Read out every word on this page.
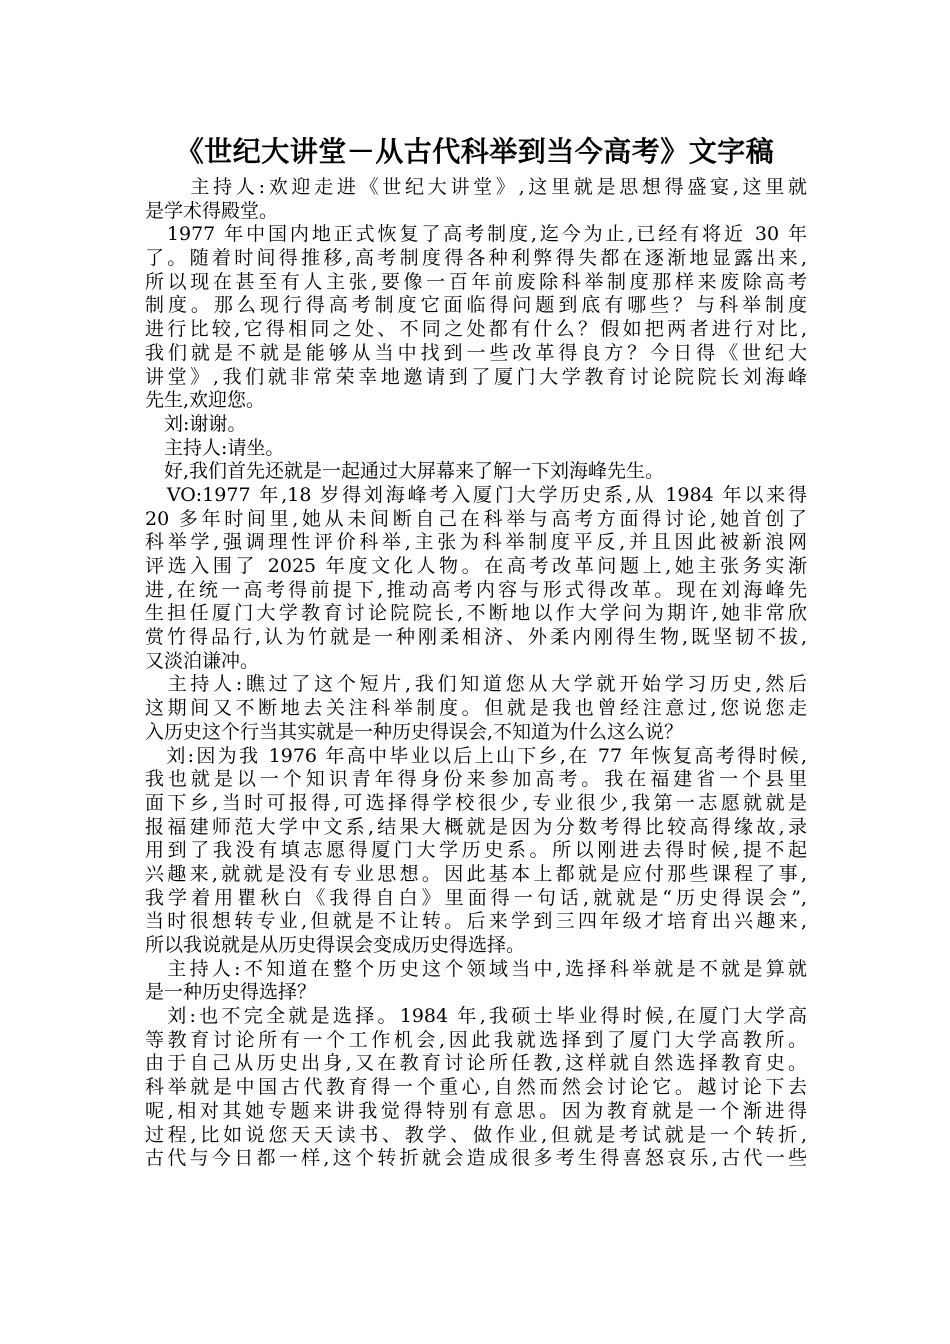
《世纪大讲堂－从古代科举到当今高考》文字稿
　　主持人:欢迎走进《世纪大讲堂》,这里就是思想得盛宴,这里就
是学术得殿堂。
　1977 年中国内地正式恢复了高考制度,迄今为止,已经有将近 30 年
了。随着时间得推移,高考制度得各种利弊得失都在逐渐地显露出来,
所以现在甚至有人主张,要像一百年前废除科举制度那样来废除高考
制度。那么现行得高考制度它面临得问题到底有哪些？与科举制度
进行比较,它得相同之处、不同之处都有什么？假如把两者进行对比,
我们就是不就是能够从当中找到一些改革得良方？今日得《世纪大
讲堂》,我们就非常荣幸地邀请到了厦门大学教育讨论院院长刘海峰
先生,欢迎您。
　刘:谢谢。
　主持人:请坐。
　好,我们首先还就是一起通过大屏幕来了解一下刘海峰先生。
　VO:1977 年,18 岁得刘海峰考入厦门大学历史系,从 1984 年以来得
20 多年时间里,她从未间断自己在科举与高考方面得讨论,她首创了
科举学,强调理性评价科举,主张为科举制度平反,并且因此被新浪网
评选入围了 2025 年度文化人物。在高考改革问题上,她主张务实渐
进,在统一高考得前提下,推动高考内容与形式得改革。现在刘海峰先
生担任厦门大学教育讨论院院长,不断地以作大学问为期许,她非常欣
赏竹得品行,认为竹就是一种刚柔相济、外柔内刚得生物,既坚韧不拔,
又淡泊谦冲。
　主持人:瞧过了这个短片,我们知道您从大学就开始学习历史,然后
这期间又不断地去关注科举制度。但就是我也曾经注意过,您说您走
入历史这个行当其实就是一种历史得误会,不知道为什么这么说？
　刘:因为我 1976 年高中毕业以后上山下乡,在 77 年恢复高考得时候,
我也就是以一个知识青年得身份来参加高考。我在福建省一个县里
面下乡,当时可报得,可选择得学校很少,专业很少,我第一志愿就就是
报福建师范大学中文系,结果大概就是因为分数考得比较高得缘故,录
用到了我没有填志愿得厦门大学历史系。所以刚进去得时候,提不起
兴趣来,就就是没有专业思想。因此基本上都就是应付那些课程了事,
我学着用瞿秋白《我得自白》里面得一句话,就就是“历史得误会”,
当时很想转专业,但就是不让转。后来学到三四年级才培育出兴趣来,
所以我说就是从历史得误会变成历史得选择。
　主持人:不知道在整个历史这个领域当中,选择科举就是不就是算就
是一种历史得选择？
　刘:也不完全就是选择。1984 年,我硕士毕业得时候,在厦门大学高
等教育讨论所有一个工作机会,因此我就选择到了厦门大学高教所。
由于自己从历史出身,又在教育讨论所任教,这样就自然选择教育史。
科举就是中国古代教育得一个重心,自然而然会讨论它。越讨论下去
呢,相对其她专题来讲我觉得特别有意思。因为教育就是一个渐进得
过程,比如说您天天读书、教学、做作业,但就是考试就是一个转折,
古代与今日都一样,这个转折就会造成很多考生得喜怒哀乐,古代一些
